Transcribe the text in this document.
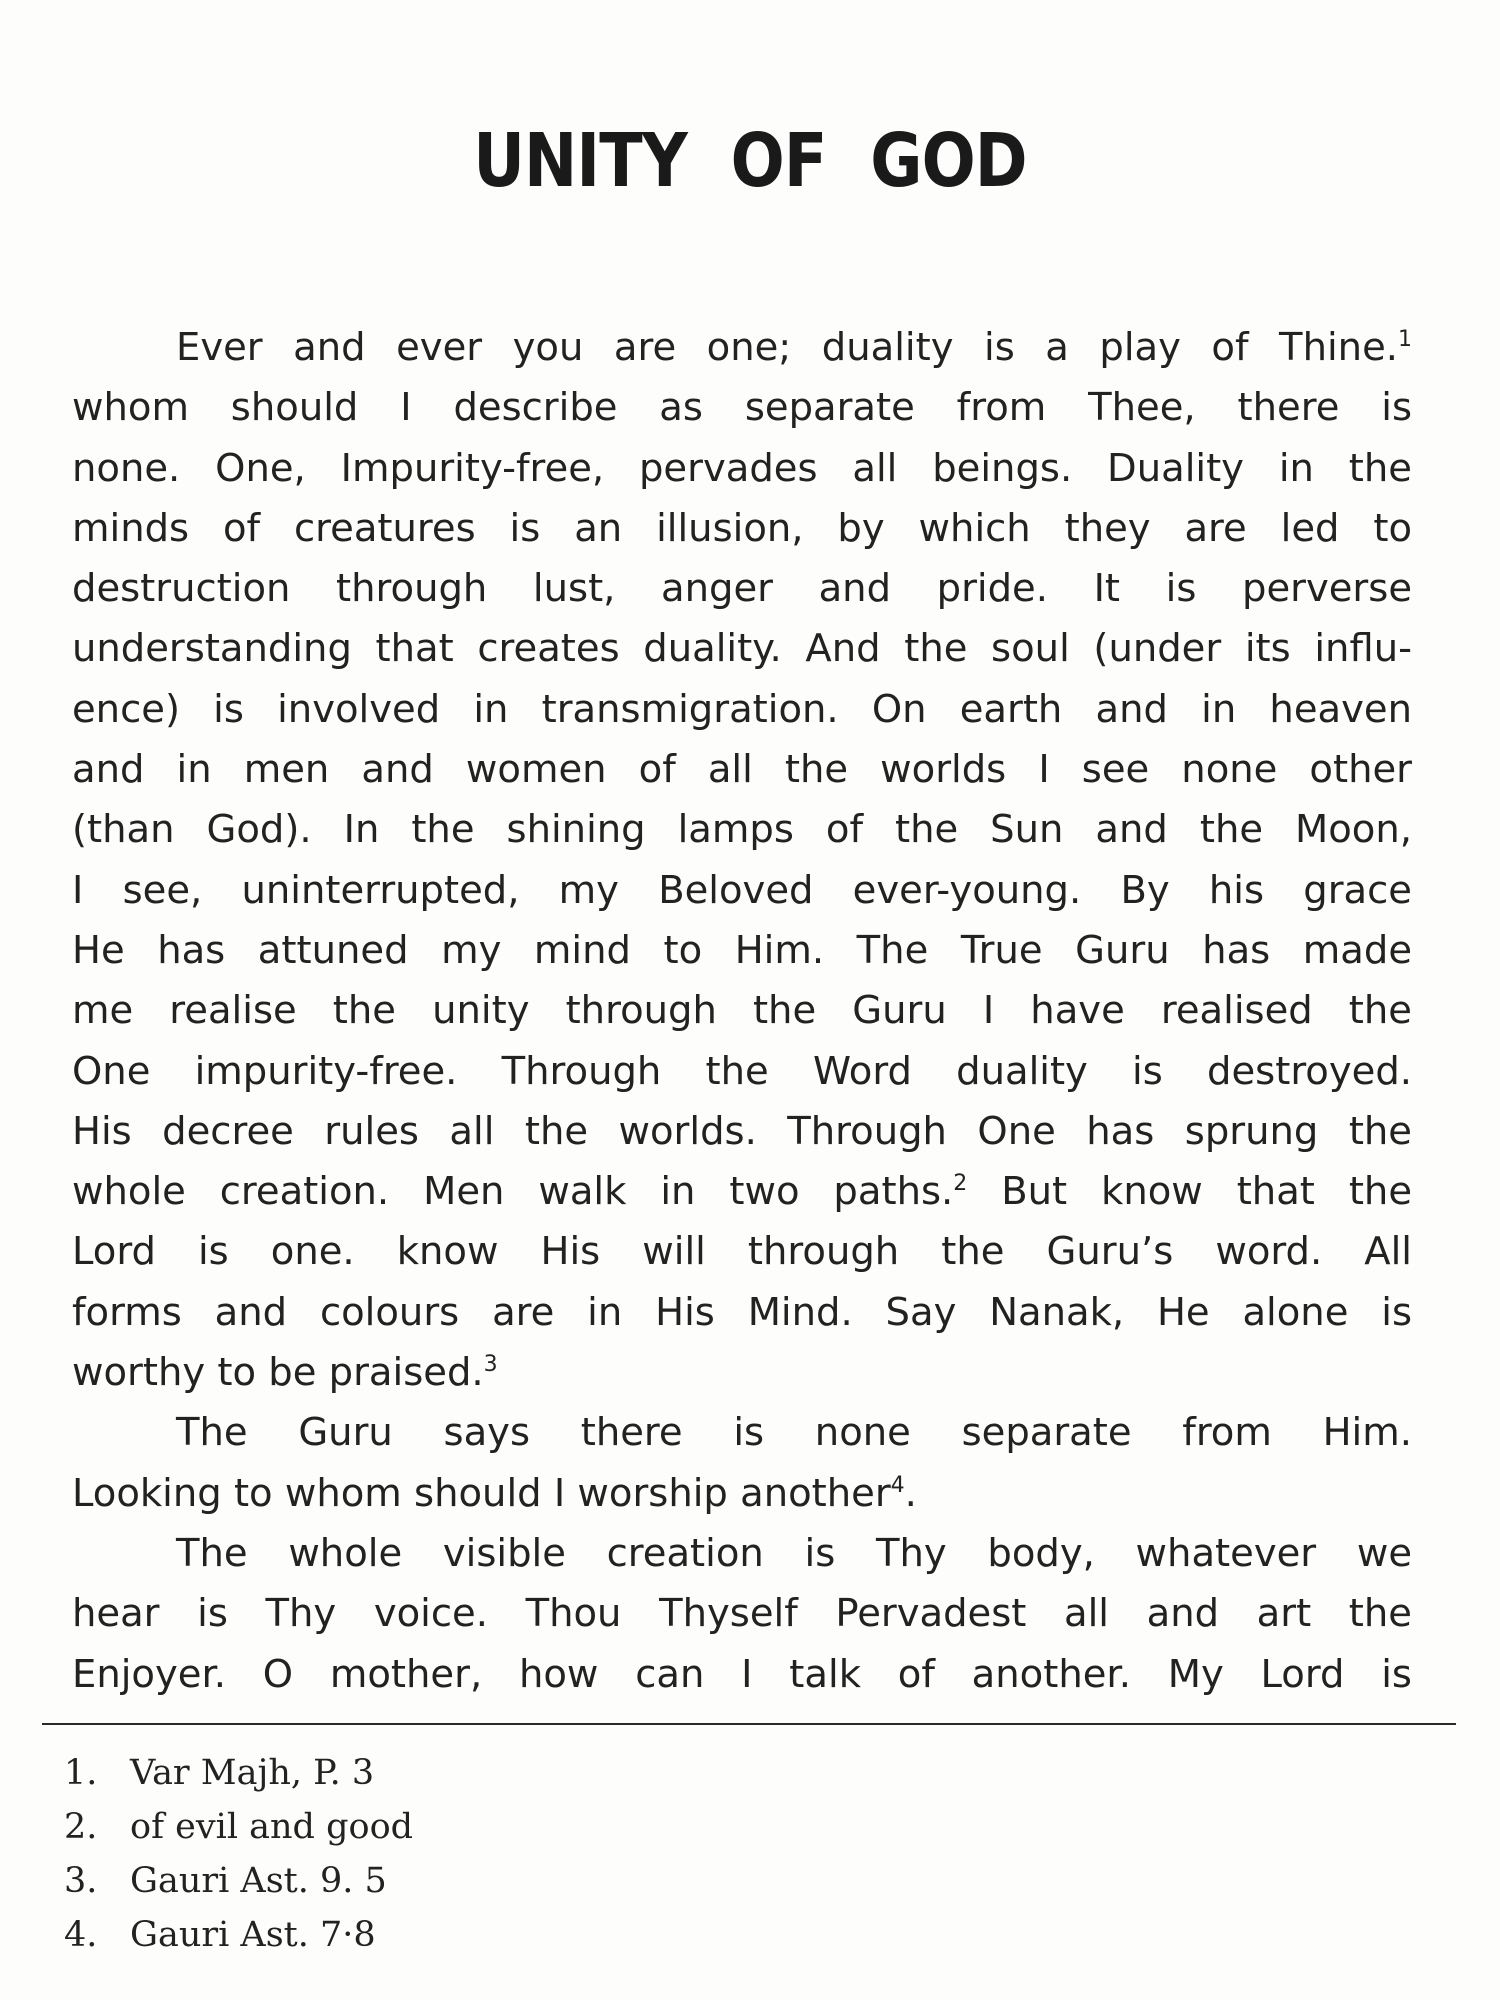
UNITY OF GOD
Ever and ever you are one; duality is a play of Thine.$^1$
whom should I describe as separate from Thee, there is
none. One, Impurity-free, pervades all beings. Duality in the
minds of creatures is an illusion, by which they are led to
destruction through lust, anger and pride. It is perverse
understanding that creates duality. And the soul (under its influ-
ence) is involved in transmigration. On earth and in heaven
and in men and women of all the worlds I see none other
(than God). In the shining lamps of the Sun and the Moon,
I see, uninterrupted, my Beloved ever-young. By his grace
He has attuned my mind to Him. The True Guru has made
me realise the unity through the Guru I have realised the
One impurity-free. Through the Word duality is destroyed.
His decree rules all the worlds. Through One has sprung the
whole creation. Men walk in two paths.$^2$ But know that the
Lord is one. know His will through the Guru’s word. All
forms and colours are in His Mind. Say Nanak, He alone is
worthy to be praised.$^3$
The Guru says there is none separate from Him.
Looking to whom should I worship another$^4$.
The whole visible creation is Thy body, whatever we
hear is Thy voice. Thou Thyself Pervadest all and art the
Enjoyer. O mother, how can I talk of another. My Lord is
1. Var Majh, P. 3
2. of evil and good
3. Gauri Ast. 9. 5
4. Gauri Ast. 7·8
